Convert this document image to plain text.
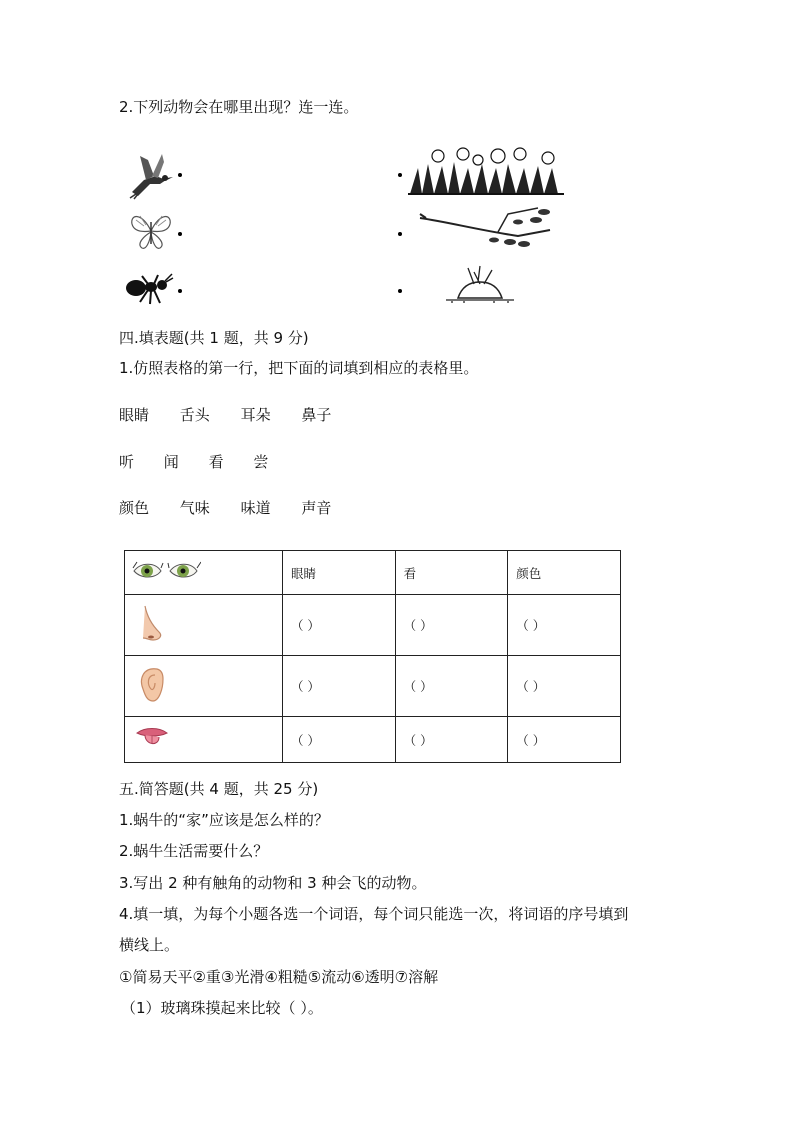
2.下列动物会在哪里出现？连一连。
四.填表题(共 1 题，共 9 分)
1.仿照表格的第一行，把下面的词填到相应的表格里。
眼睛 舌头 耳朵 鼻子
听 闻 看 尝
颜色 气味 味道 声音
	眼睛	看	颜色
	（ ）	（ ）	（ ）
	（ ）	（ ）	（ ）
	（ ）	（ ）	（ ）
五.简答题(共 4 题，共 25 分)
1.蜗牛的“家”应该是怎么样的？
2.蜗牛生活需要什么？
3.写出 2 种有触角的动物和 3 种会飞的动物。
4.填一填，为每个小题各选一个词语，每个词只能选一次，将词语的序号填到
横线上。
①简易天平②重③光滑④粗糙⑤流动⑥透明⑦溶解
（1）玻璃珠摸起来比较（ ）。
